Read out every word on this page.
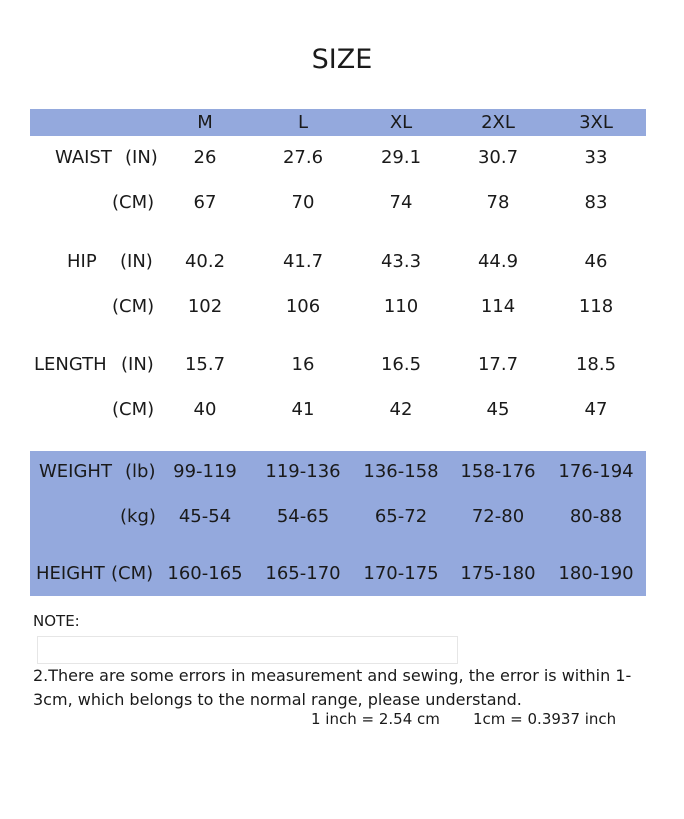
SIZE
M	L	XL	2XL	3XL
WAIST (IN) 26	27.6	29.1	30.7	33
(CM) 67	70	74	78	83
HIP (IN) 40.2	41.7	43.3	44.9	46
(CM) 102	106	110	114	118
LENGTH (IN) 15.7	16	16.5	17.7	18.5
(CM) 40	41	42	45	47
WEIGHT (lb) 99-119 119-136 136-158 158-176 176-194
(kg) 45-54	54-65	65-72 72-80	80-88
HEIGHT (CM) 160-165 165-170 170-175 175-180 180-190
NOTE:
2.There are some errors in measurement and sewing, the error is within 1-3cm, which belongs to the normal range, please understand.
1 inch = 2.54 cm 1cm = 0.3937 inch
